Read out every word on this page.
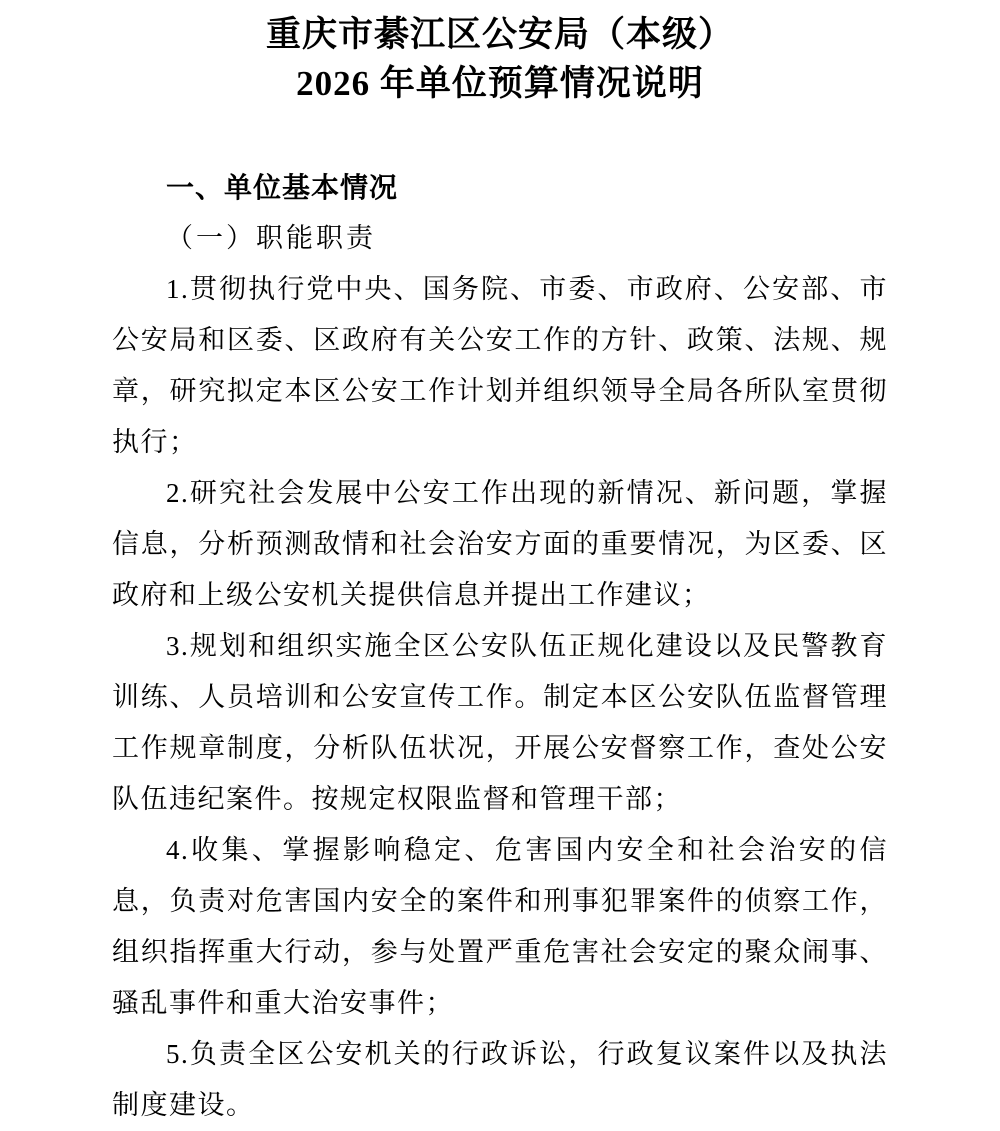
重庆市綦江区公安局（本级）
2026 年单位预算情况说明
一、单位基本情况
（一）职能职责

1.贯彻执行党中央、国务院、市委、市政府、公安部、市公安局和区委、区政府有关公安工作的方针、政策、法规、规章，研究拟定本区公安工作计划并组织领导全局各所队室贯彻执行；

2.研究社会发展中公安工作出现的新情况、新问题，掌握信息，分析预测敌情和社会治安方面的重要情况，为区委、区政府和上级公安机关提供信息并提出工作建议；

3.规划和组织实施全区公安队伍正规化建设以及民警教育训练、人员培训和公安宣传工作。制定本区公安队伍监督管理工作规章制度，分析队伍状况，开展公安督察工作，查处公安队伍违纪案件。按规定权限监督和管理干部；

4.收集、掌握影响稳定、危害国内安全和社会治安的信息，负责对危害国内安全的案件和刑事犯罪案件的侦察工作，组织指挥重大行动，参与处置严重危害社会安定的聚众闹事、骚乱事件和重大治安事件；

5.负责全区公安机关的行政诉讼，行政复议案件以及执法制度建设。
